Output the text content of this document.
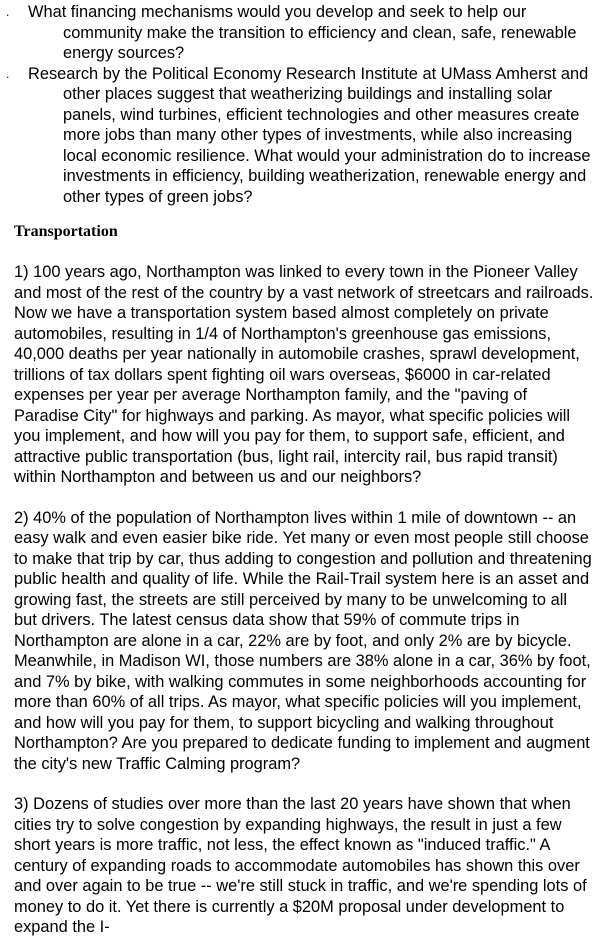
. What financing mechanisms would you develop and seek to help our community make the transition to efficiency and clean, safe, renewable energy sources?
. Research by the Political Economy Research Institute at UMass Amherst and other places suggest that weatherizing buildings and installing solar panels, wind turbines, efficient technologies and other measures create more jobs than many other types of investments, while also increasing local economic resilience. What would your administration do to increase investments in efficiency, building weatherization, renewable energy and other types of green jobs?
Transportation

1) 100 years ago, Northampton was linked to every town in the Pioneer Valley and most of the rest of the country by a vast network of streetcars and railroads. Now we have a transportation system based almost completely on private automobiles, resulting in 1/4 of Northampton's greenhouse gas emissions, 40,000 deaths per year nationally in automobile crashes, sprawl development, trillions of tax dollars spent fighting oil wars overseas, $6000 in car-related expenses per year per average Northampton family, and the "paving of Paradise City" for highways and parking. As mayor, what specific policies will you implement, and how will you pay for them, to support safe, efficient, and attractive public transportation (bus, light rail, intercity rail, bus rapid transit) within Northampton and between us and our neighbors?

2) 40% of the population of Northampton lives within 1 mile of downtown -- an easy walk and even easier bike ride. Yet many or even most people still choose to make that trip by car, thus adding to congestion and pollution and threatening public health and quality of life. While the Rail-Trail system here is an asset and growing fast, the streets are still perceived by many to be unwelcoming to all but drivers. The latest census data show that 59% of commute trips in Northampton are alone in a car, 22% are by foot, and only 2% are by bicycle. Meanwhile, in Madison WI, those numbers are 38% alone in a car, 36% by foot, and 7% by bike, with walking commutes in some neighborhoods accounting for more than 60% of all trips. As mayor, what specific policies will you implement, and how will you pay for them, to support bicycling and walking throughout Northampton? Are you prepared to dedicate funding to implement and augment the city's new Traffic Calming program?

3) Dozens of studies over more than the last 20 years have shown that when cities try to solve congestion by expanding highways, the result in just a few short years is more traffic, not less, the effect known as "induced traffic." A century of expanding roads to accommodate automobiles has shown this over and over again to be true -- we're still stuck in traffic, and we're spending lots of money to do it. Yet there is currently a $20M proposal under development to expand the I-
